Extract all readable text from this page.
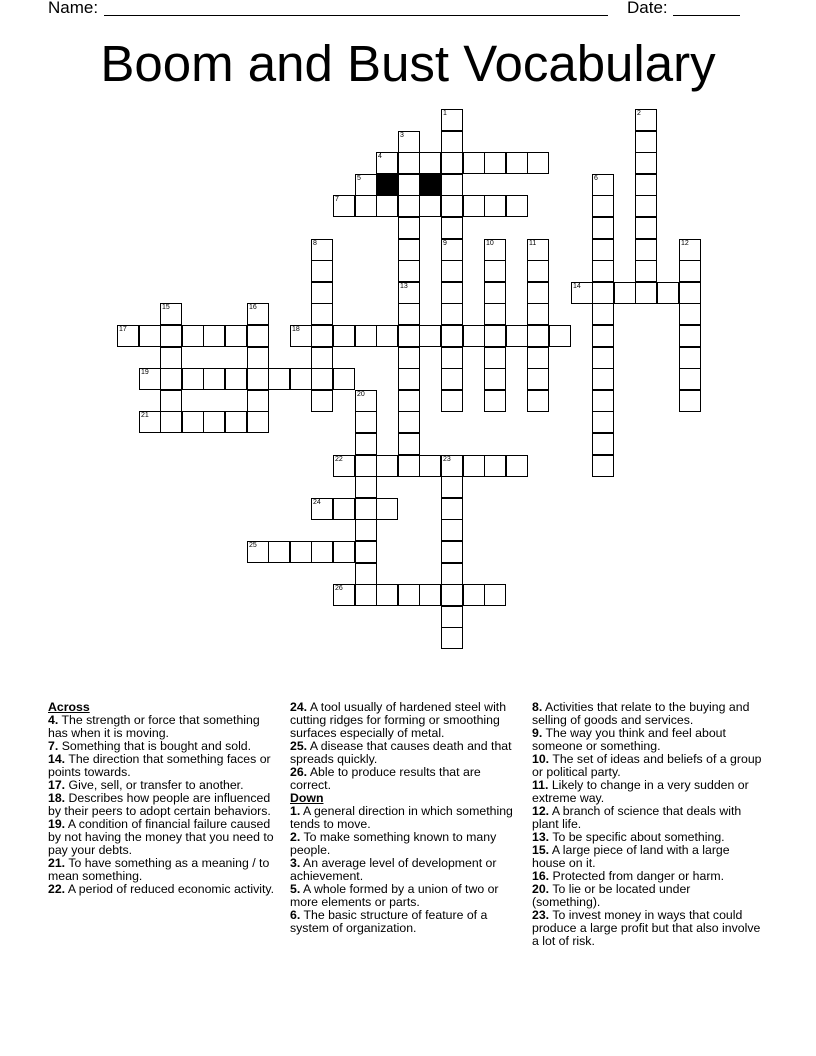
Name:	Date:
Boom and Bust Vocabulary
4
5
7
14
17	18
19
21
22	23
24
25
26
1
9
2
3
13
6
8	10	11	12
15	16
20
Across

4. The strength or force that something has when it is moving.

7. Something that is bought and sold.

14. The direction that something faces or points towards.

17. Give, sell, or transfer to another.

18. Describes how people are influenced by their peers to adopt certain behaviors.

19. A condition of financial failure caused by not having the money that you need to pay your debts.

21. To have something as a meaning / to mean something.

22. A period of reduced economic activity.

24. A tool usually of hardened steel with cutting ridges for forming or smoothing surfaces especially of metal.

25. A disease that causes death and that spreads quickly.

26. Able to produce results that are correct.

Down

1. A general direction in which something tends to move.

2. To make something known to many people.

3. An average level of development or achievement.

5. A whole formed by a union of two or more elements or parts.

6. The basic structure of feature of a system of organization.

8. Activities that relate to the buying and selling of goods and services.

9. The way you think and feel about someone or something.

10. The set of ideas and beliefs of a group or political party.

11. Likely to change in a very sudden or extreme way.

12. A branch of science that deals with plant life.

13. To be specific about something.

15. A large piece of land with a large house on it.

16. Protected from danger or harm.

20. To lie or be located under (something).

23. To invest money in ways that could produce a large profit but that also involve a lot of risk.
